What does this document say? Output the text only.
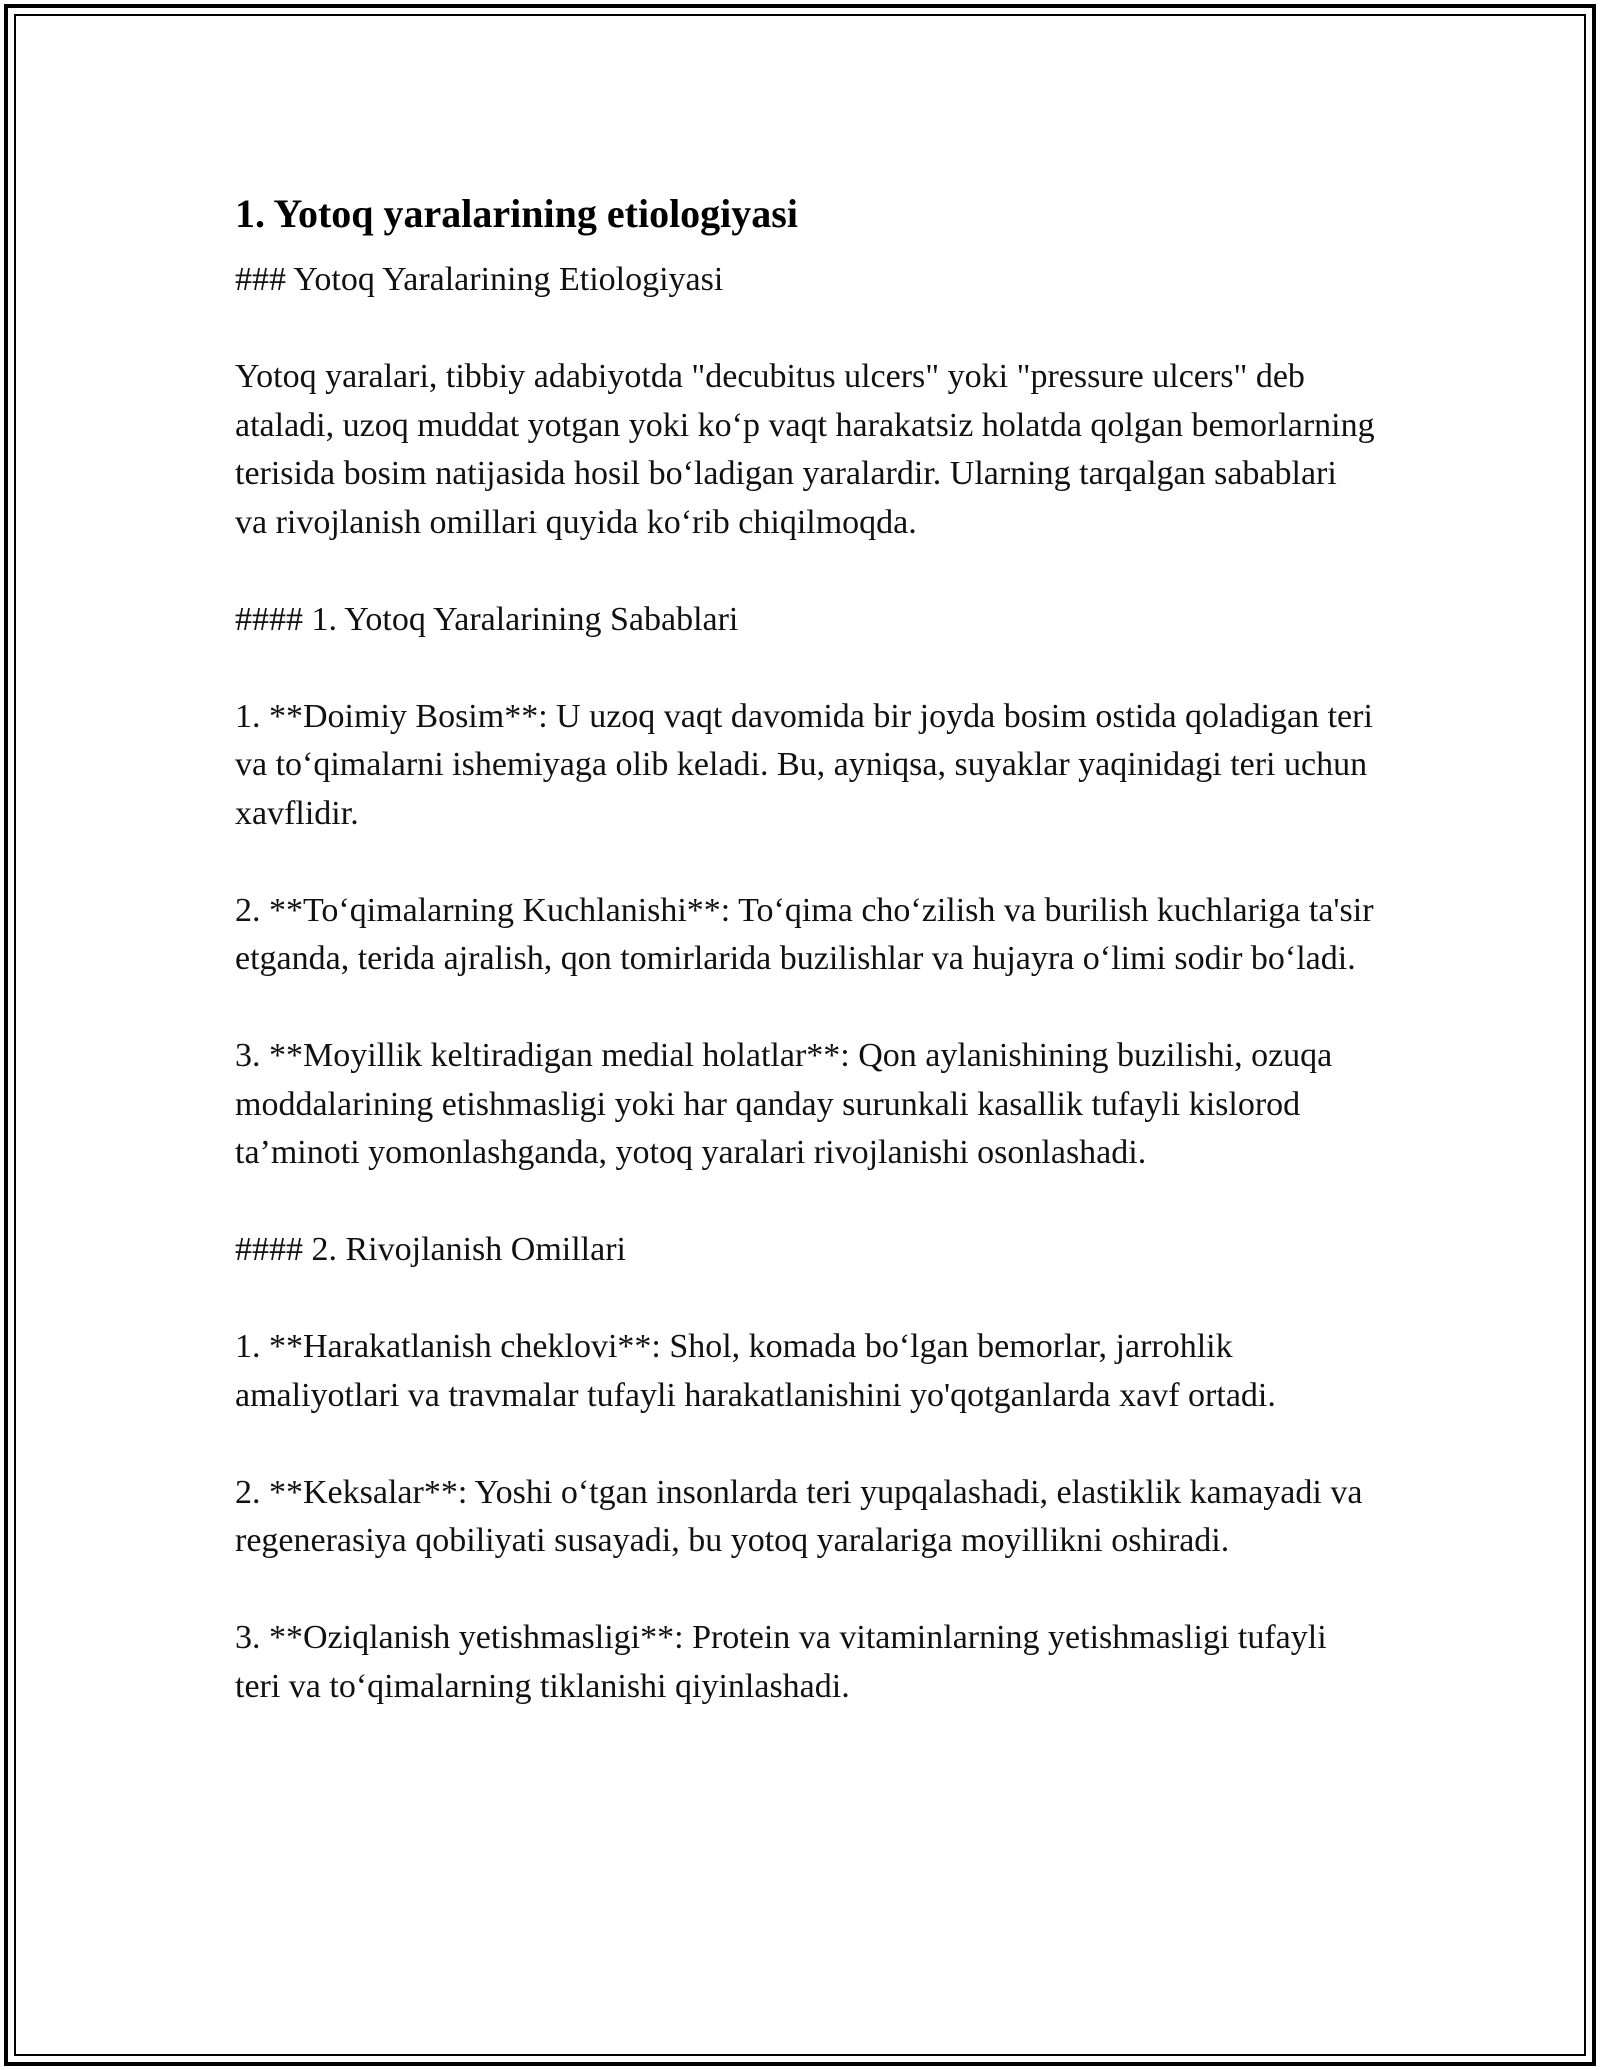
1. Yotoq yaralarining etiologiyasi

### Yotoq Yaralarining Etiologiyasi

Yotoq yaralari, tibbiy adabiyotda "decubitus ulcers" yoki "pressure ulcers" deb ataladi, uzoq muddat yotgan yoki ko‘p vaqt harakatsiz holatda qolgan bemorlarning terisida bosim natijasida hosil bo‘ladigan yaralardir. Ularning tarqalgan sabablari va rivojlanish omillari quyida ko‘rib chiqilmoqda.

#### 1. Yotoq Yaralarining Sabablari

1. **Doimiy Bosim**: U uzoq vaqt davomida bir joyda bosim ostida qoladigan teri va to‘qimalarni ishemiyaga olib keladi. Bu, ayniqsa, suyaklar yaqinidagi teri uchun xavflidir.

2. **To‘qimalarning Kuchlanishi**: To‘qima cho‘zilish va burilish kuchlariga ta'sir etganda, terida ajralish, qon tomirlarida buzilishlar va hujayra o‘limi sodir bo‘ladi.

3. **Moyillik keltiradigan medial holatlar**: Qon aylanishining buzilishi, ozuqa moddalarining etishmasligi yoki har qanday surunkali kasallik tufayli kislorod ta’minoti yomonlashganda, yotoq yaralari rivojlanishi osonlashadi.

#### 2. Rivojlanish Omillari

1. **Harakatlanish cheklovi**: Shol, komada bo‘lgan bemorlar, jarrohlik amaliyotlari va travmalar tufayli harakatlanishini yo'qotganlarda xavf ortadi.

2. **Keksalar**: Yoshi o‘tgan insonlarda teri yupqalashadi, elastiklik kamayadi va regenerasiya qobiliyati susayadi, bu yotoq yaralariga moyillikni oshiradi.

3. **Oziqlanish yetishmasligi**: Protein va vitaminlarning yetishmasligi tufayli teri va to‘qimalarning tiklanishi qiyinlashadi.
